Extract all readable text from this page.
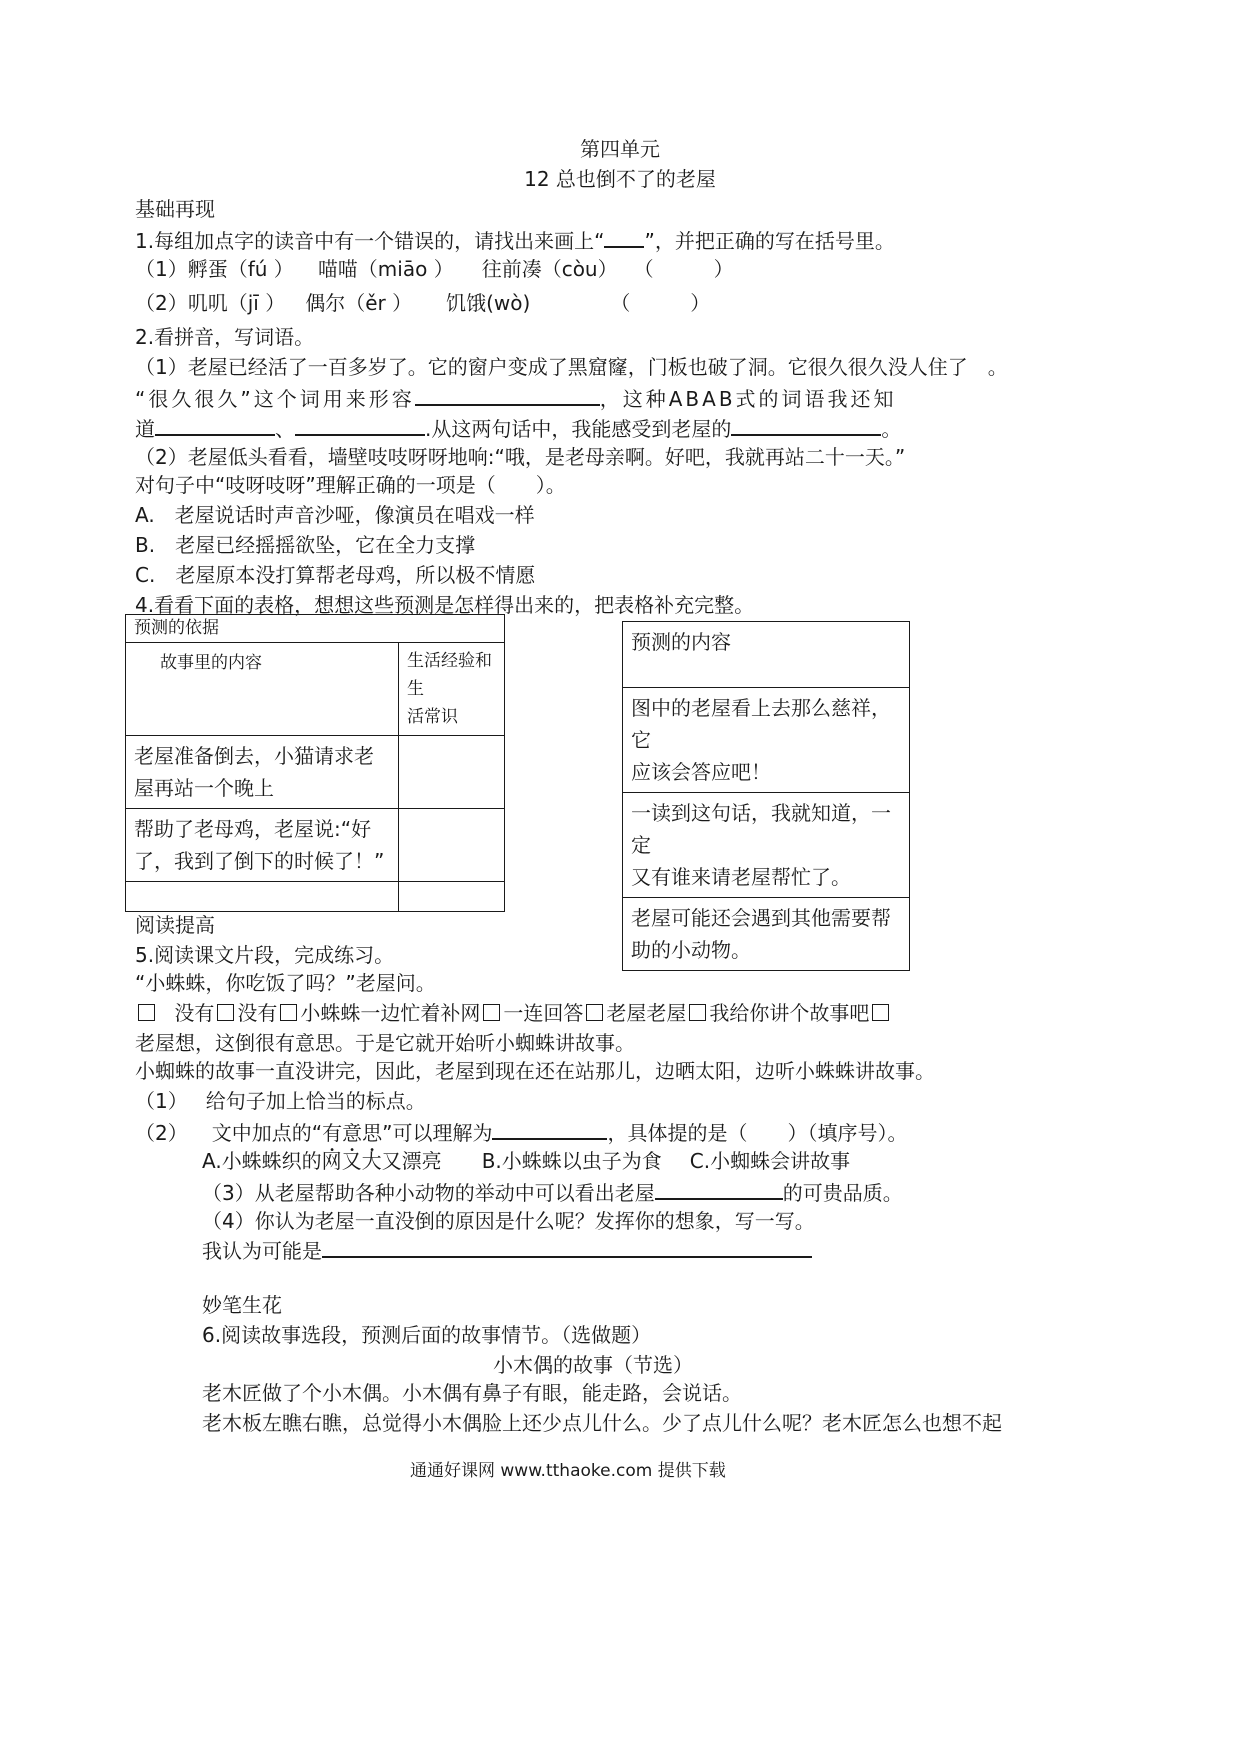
第四单元
12 总也倒不了的老屋
基础再现
1.每组加点字的读音中有一个错误的，请找出来画上“ ”，并把正确的写在括号里。
（1）孵蛋（fú ） 喵喵（miāo ） 往前凑（còu） （　　　）
（2）叽叽（jī ） 偶尔（ěr ） 饥饿(wò)	（　　　）
2.看拼音，写词语。
（1）老屋已经活了一百多岁了。它的窗户变成了黑窟窿，门板也破了洞。它很久很久没人住了　。
“很久很久”这个词用来形容	，这种ABAB式的词语我还知
道	、	.从这两句话中，我能感受到老屋的	。
（2）老屋低头看看，墙壁吱吱呀呀地响:“哦，是老母亲啊。好吧，我就再站二十一天。”
对句子中“吱呀吱呀”理解正确的一项是（　　）。
A.　老屋说话时声音沙哑，像演员在唱戏一样
B.　老屋已经摇摇欲坠，它在全力支撑
C.　老屋原本没打算帮老母鸡，所以极不情愿
4.看看下面的表格，想想这些预测是怎样得出来的，把表格补充完整。
预测的依据	
故事里的内容	生活经验和生
活常识
老屋准备倒去，小猫请求老
屋再站一个晚上	
帮助了老母鸡，老屋说:“好
了，我到了倒下的时候了！”	

预测的内容
图中的老屋看上去那么慈祥，它
应该会答应吧！
一读到这句话，我就知道，一定
又有谁来请老屋帮忙了。
老屋可能还会遇到其他需要帮
助的小动物。
阅读提高
5.阅读课文片段，完成练习。
“小蛛蛛，你吃饭了吗？”老屋问。
没有 没有 小蛛蛛一边忙着补网 一连回答 老屋老屋 我给你讲个故事吧
老屋想，这倒很有意思。于是它就开始听小蜘蛛讲故事。
小蜘蛛的故事一直没讲完，因此，老屋到现在还在站那儿，边晒太阳，边听小蛛蛛讲故事。
（1） 给句子加上恰当的标点。
（2） 文中加点的“有意思”可以理解为	，具体提的是（　　）（填序号）。
A.小蛛蛛织的网又大又漂亮 B.小蛛蛛以虫子为食 C.小蜘蛛会讲故事
（3）从老屋帮助各种小动物的举动中可以看出老屋	的可贵品质。
（4）你认为老屋一直没倒的原因是什么呢？发挥你的想象，写一写。
我认为可能是
妙笔生花
6.阅读故事选段，预测后面的故事情节。（选做题）
小木偶的故事（节选）
老木匠做了个小木偶。小木偶有鼻子有眼，能走路，会说话。
老木板左瞧右瞧，总觉得小木偶脸上还少点儿什么。少了点儿什么呢？老木匠怎么也想不起
通通好课网 www.tthaoke.com 提供下载
